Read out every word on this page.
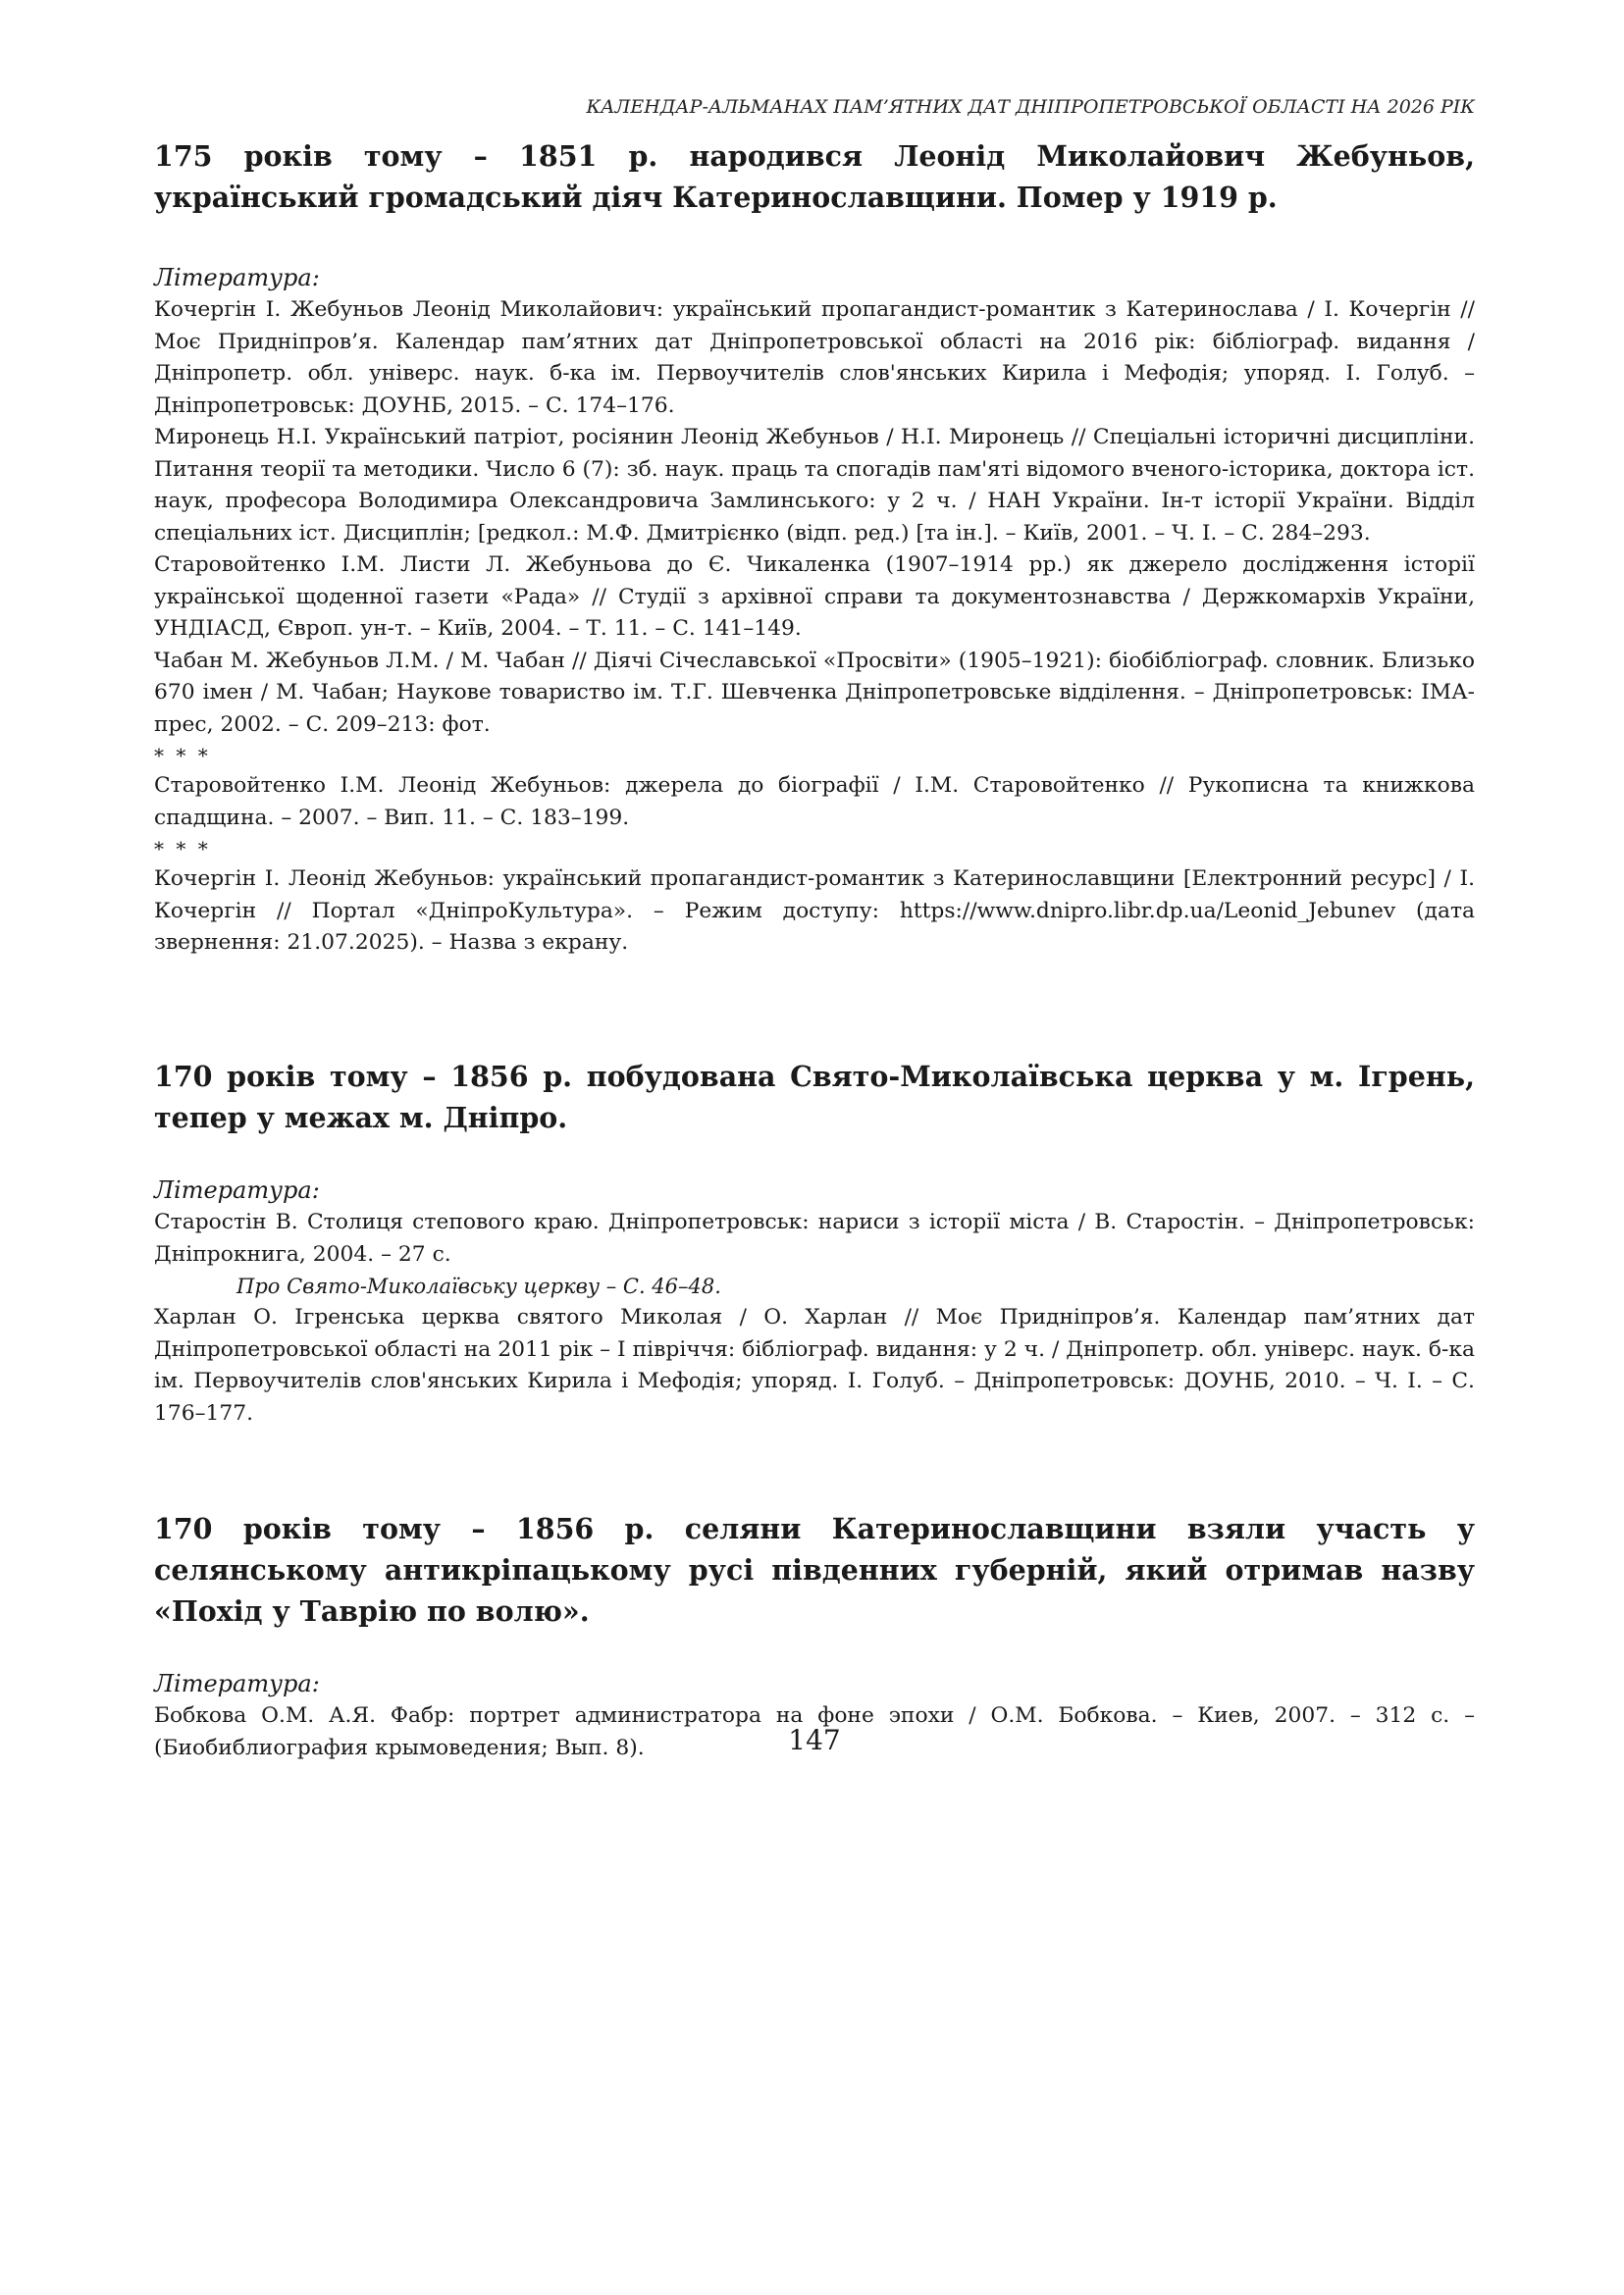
КАЛЕНДАР-АЛЬМАНАХ ПАМ’ЯТНИХ ДАТ ДНІПРОПЕТРОВСЬКОЇ ОБЛАСТІ НА 2026 РІК

175 років тому – 1851 р. народився Леонід Миколайович Жебуньов, український громадський діяч Катеринославщини. Помер у 1919 р.

Література:

Кочергін І. Жебуньов Леонід Миколайович: український пропагандист-романтик з Катеринослава / І. Кочергін // Моє Придніпров’я. Календар пам’ятних дат Дніпропетровської області на 2016 рік: бібліограф. видання / Дніпропетр. обл. універс. наук. б-ка ім. Первоучителів слов'янських Кирила і Мефодія; упоряд. І. Голуб. – Дніпропетровськ: ДОУНБ, 2015. – С. 174–176.

Миронець Н.І. Український патріот, росіянин Леонід Жебуньов / Н.І. Миронець // Спеціальні історичні дисципліни. Питання теорії та методики. Число 6 (7): зб. наук. праць та спогадів пам'яті відомого вченого-історика, доктора іст. наук, професора Володимира Олександровича Замлинського: у 2 ч. / НАН України. Ін-т історії України. Відділ спеціальних іст. Дисциплін; [редкол.: М.Ф. Дмитрієнко (відп. ред.) [та ін.]. – Київ, 2001. – Ч. І. – С. 284–293.

Старовойтенко І.М. Листи Л. Жебуньова до Є. Чикаленка (1907–1914 рр.) як джерело дослідження історії української щоденної газети «Рада» // Студії з архівної справи та документознавства / Держкомархів України, УНДІАСД, Європ. ун-т. – Київ, 2004. – Т. 11. – С. 141–149.

Чабан М. Жебуньов Л.М. / М. Чабан // Діячі Січеславської «Просвіти» (1905–1921): біобібліограф. словник. Близько 670 імен / М. Чабан; Наукове товариство ім. Т.Г. Шевченка Дніпропетровське відділення. – Дніпропетровськ: ІМА-прес, 2002. – С. 209–213: фот.

* * *

Старовойтенко І.М. Леонід Жебуньов: джерела до біографії / І.М. Старовойтенко // Рукописна та книжкова спадщина. – 2007. – Вип. 11. – С. 183–199.

* * *

Кочергін І. Леонід Жебуньов: український пропагандист-романтик з Катеринославщини [Електронний ресурс] / І. Кочергін // Портал «ДніпроКультура». – Режим доступу: https://www.dnipro.libr.dp.ua/Leonid_Jebunev (дата звернення: 21.07.2025). – Назва з екрану.

170 років тому – 1856 р. побудована Свято-Миколаївська церква у м. Ігрень, тепер у межах м. Дніпро.

Література:

Старостін В. Столиця степового краю. Дніпропетровськ: нариси з історії міста / В. Старостін. – Дніпропетровськ: Дніпрокнига, 2004. – 27 с.

Про Свято-Миколаївську церкву – С. 46–48.

Харлан О. Ігренська церква святого Миколая / О. Харлан // Моє Придніпров’я. Календар пам’ятних дат Дніпропетровської області на 2011 рік – І півріччя: бібліограф. видання: у 2 ч. / Дніпропетр. обл. універс. наук. б-ка ім. Первоучителів слов'янських Кирила і Мефодія; упоряд. І. Голуб. – Дніпропетровськ: ДОУНБ, 2010. – Ч. І. – С. 176–177.

170 років тому – 1856 р. селяни Катеринославщини взяли участь у селянському антикріпацькому русі південних губерній, який отримав назву «Похід у Таврію по волю».

Література:

Бобкова О.М. А.Я. Фабр: портрет администратора на фоне эпохи / О.М. Бобкова. – Киев, 2007. – 312 с. – (Биобиблиография крымоведения; Вып. 8).	147
